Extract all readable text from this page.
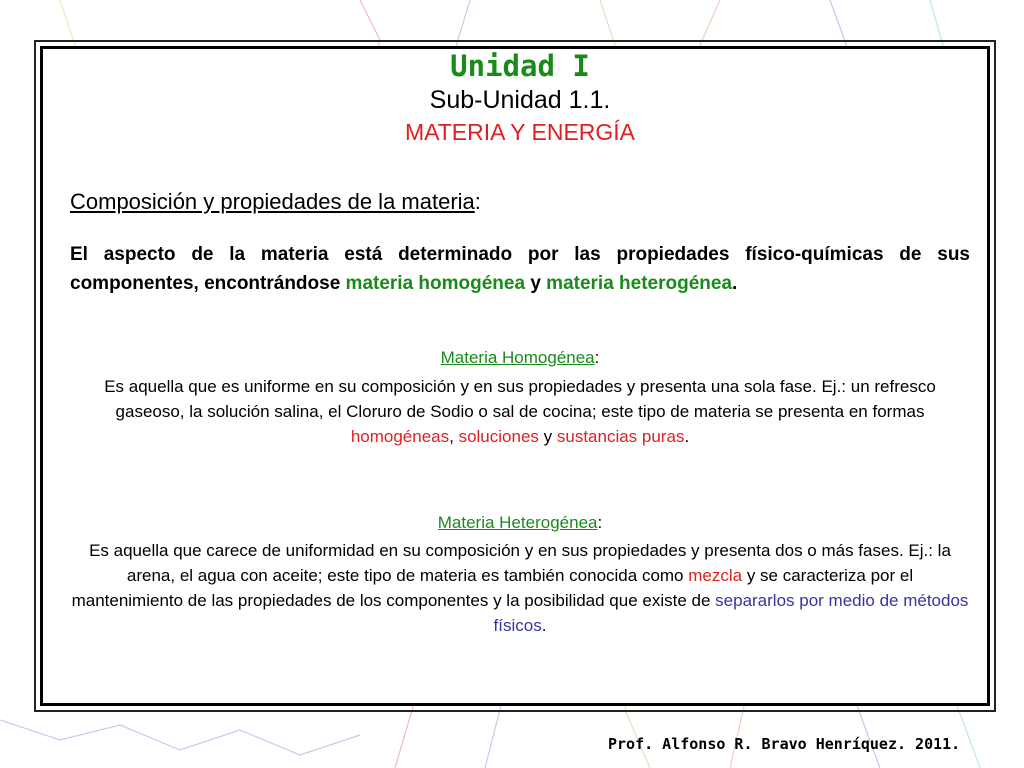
Unidad I

Sub-Unidad 1.1.

MATERIA Y ENERGÍA

Composición y propiedades de la materia:

El aspecto de la materia está determinado por las propiedades físico-químicas de sus componentes, encontrándose materia homogénea y materia heterogénea.

Materia Homogénea:

Es aquella que es uniforme en su composición y en sus propiedades y presenta una sola fase. Ej.: un refresco gaseoso, la solución salina, el Cloruro de Sodio o sal de cocina; este tipo de materia se presenta en formas homogéneas, soluciones y sustancias puras.

Materia Heterogénea:

Es aquella que carece de uniformidad en su composición y en sus propiedades y presenta dos o más fases. Ej.: la arena, el agua con aceite; este tipo de materia es también conocida como mezcla y se caracteriza por el mantenimiento de las propiedades de los componentes y la posibilidad que existe de separarlos por medio de métodos físicos.

Prof. Alfonso R. Bravo Henríquez. 2011.
